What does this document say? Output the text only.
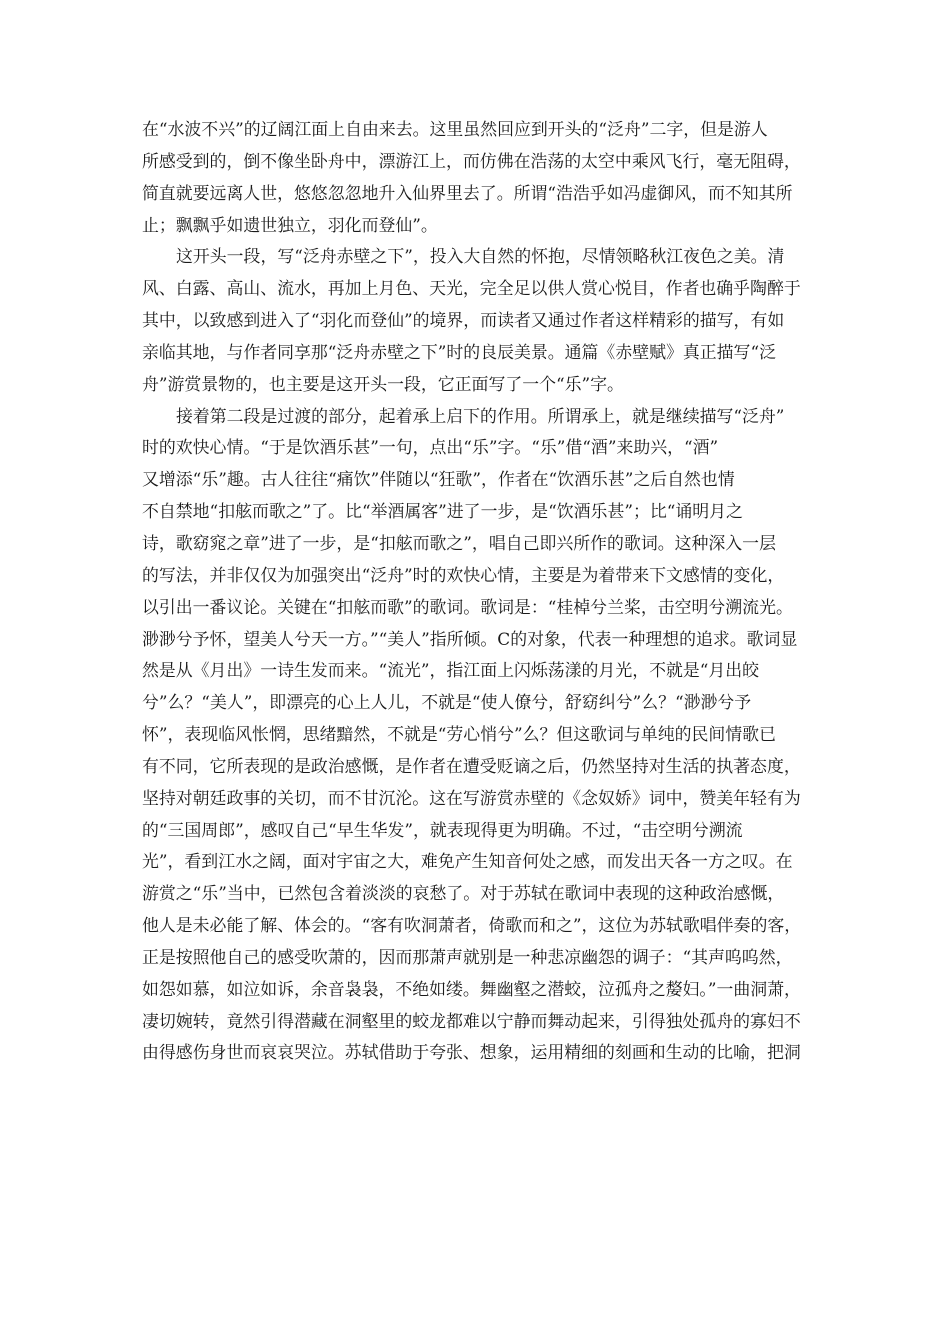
在“水波不兴”的辽阔江面上自由来去。这里虽然回应到开头的“泛舟”二字，但是游人
所感受到的，倒不像坐卧舟中，漂游江上，而仿佛在浩荡的太空中乘风飞行，毫无阻碍，
简直就要远离人世，悠悠忽忽地升入仙界里去了。所谓“浩浩乎如冯虚御风，而不知其所
止；飘飘乎如遗世独立，羽化而登仙”。
这开头一段，写“泛舟赤壁之下”，投入大自然的怀抱，尽情领略秋江夜色之美。清
风、白露、高山、流水，再加上月色、天光，完全足以供人赏心悦目，作者也确乎陶醉于
其中，以致感到进入了“羽化而登仙”的境界，而读者又通过作者这样精彩的描写，有如
亲临其地，与作者同享那“泛舟赤壁之下”时的良辰美景。通篇《赤壁赋》真正描写“泛
舟”游赏景物的，也主要是这开头一段，它正面写了一个“乐”字。
接着第二段是过渡的部分，起着承上启下的作用。所谓承上，就是继续描写“泛舟”
时的欢快心情。“于是饮酒乐甚”一句，点出“乐”字。“乐”借“酒”来助兴，“酒”
又增添“乐”趣。古人往往“痛饮”伴随以“狂歌”，作者在“饮酒乐甚”之后自然也情
不自禁地“扣舷而歌之”了。比“举酒属客”进了一步，是“饮酒乐甚”；比“诵明月之
诗，歌窈窕之章”进了一步，是“扣舷而歌之”，唱自己即兴所作的歌词。这种深入一层
的写法，并非仅仅为加强突出“泛舟”时的欢快心情，主要是为着带来下文感情的变化，
以引出一番议论。关键在“扣舷而歌”的歌词。歌词是：“桂棹兮兰桨，击空明兮溯流光。
渺渺兮予怀，望美人兮天一方。”“美人”指所倾。C的对象，代表一种理想的追求。歌词显
然是从《月出》一诗生发而来。“流光”，指江面上闪烁荡漾的月光，不就是“月出皎
兮”么？“美人”，即漂亮的心上人儿，不就是“使人僚兮，舒窈纠兮”么？“渺渺兮予
怀”，表现临风怅惘，思绪黯然，不就是“劳心悄兮”么？但这歌词与单纯的民间情歌已
有不同，它所表现的是政治感慨，是作者在遭受贬谪之后，仍然坚持对生活的执著态度，
坚持对朝廷政事的关切，而不甘沉沦。这在写游赏赤壁的《念奴娇》词中，赞美年轻有为
的“三国周郎”，感叹自己“早生华发”，就表现得更为明确。不过，“击空明兮溯流
光”，看到江水之阔，面对宇宙之大，难免产生知音何处之感，而发出天各一方之叹。在
游赏之“乐”当中，已然包含着淡淡的哀愁了。对于苏轼在歌词中表现的这种政治感慨，
他人是未必能了解、体会的。“客有吹洞萧者，倚歌而和之”，这位为苏轼歌唱伴奏的客，
正是按照他自己的感受吹萧的，因而那萧声就别是一种悲凉幽怨的调子：“其声呜呜然，
如怨如慕，如泣如诉，余音袅袅，不绝如缕。舞幽壑之潜蛟，泣孤舟之嫠妇。”一曲洞萧，
凄切婉转，竟然引得潜藏在洞壑里的蛟龙都难以宁静而舞动起来，引得独处孤舟的寡妇不
由得感伤身世而哀哀哭泣。苏轼借助于夸张、想象，运用精细的刻画和生动的比喻，把洞
